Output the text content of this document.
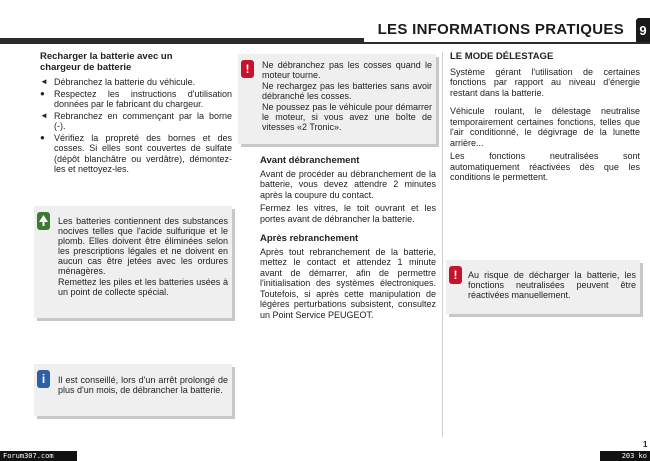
LES INFORMATIONS PRATIQUES 9
Recharger la batterie avec un
chargeur de batterie
◄ Débranchez la batterie du véhicule.
● Respectez les instructions d'utilisation données par le fabricant du chargeur.
◄ Rebranchez en commençant par la borne (-).
● Vérifiez la propreté des bornes et des cosses. Si elles sont couvertes de sulfate (dépôt blanchâtre ou verdâtre), démontez-les et nettoyez-les.

Les batteries contiennent des substances nocives telles que l'acide sulfurique et le plomb. Elles doivent être éliminées selon les prescriptions légales et ne doivent en aucun cas être jetées avec les ordures ménagères.

Remettez les piles et les batteries usées à un point de collecte spécial.

i	Il est conseillé, lors d'un arrêt prolongé de plus d'un mois, de débrancher la batterie.

!	Ne débranchez pas les cosses quand le moteur tourne.

Ne rechargez pas les batteries sans avoir débranché les cosses.

Ne poussez pas le véhicule pour démarrer le moteur, si vous avez une boîte de vitesses «2 Tronic».

Avant débranchement

Avant de procéder au débranchement de la batterie, vous devez attendre 2 minutes après la coupure du contact.

Fermez les vitres, le toit ouvrant et les portes avant de débrancher la batterie.

Après rebranchement

Après tout rebranchement de la batterie, mettez le contact et attendez 1 minute avant de démarrer, afin de permettre l'initialisation des systèmes électroniques. Toutefois, si après cette manipulation de légères perturbations subsistent, consultez un Point Service PEUGEOT.

LE MODE DÉLESTAGE

Système gérant l'utilisation de certaines fonctions par rapport au niveau d'énergie restant dans la batterie.

Véhicule roulant, le délestage neutralise temporairement certaines fonctions, telles que l'air conditionné, le dégivrage de la lunette arrière...

Les fonctions neutralisées sont automatiquement réactivées dès que les conditions le permettent.

!	Au risque de décharger la batterie, les fonctions neutralisées peuvent être réactivées manuellement.

Forum307.com	203 ko
1
